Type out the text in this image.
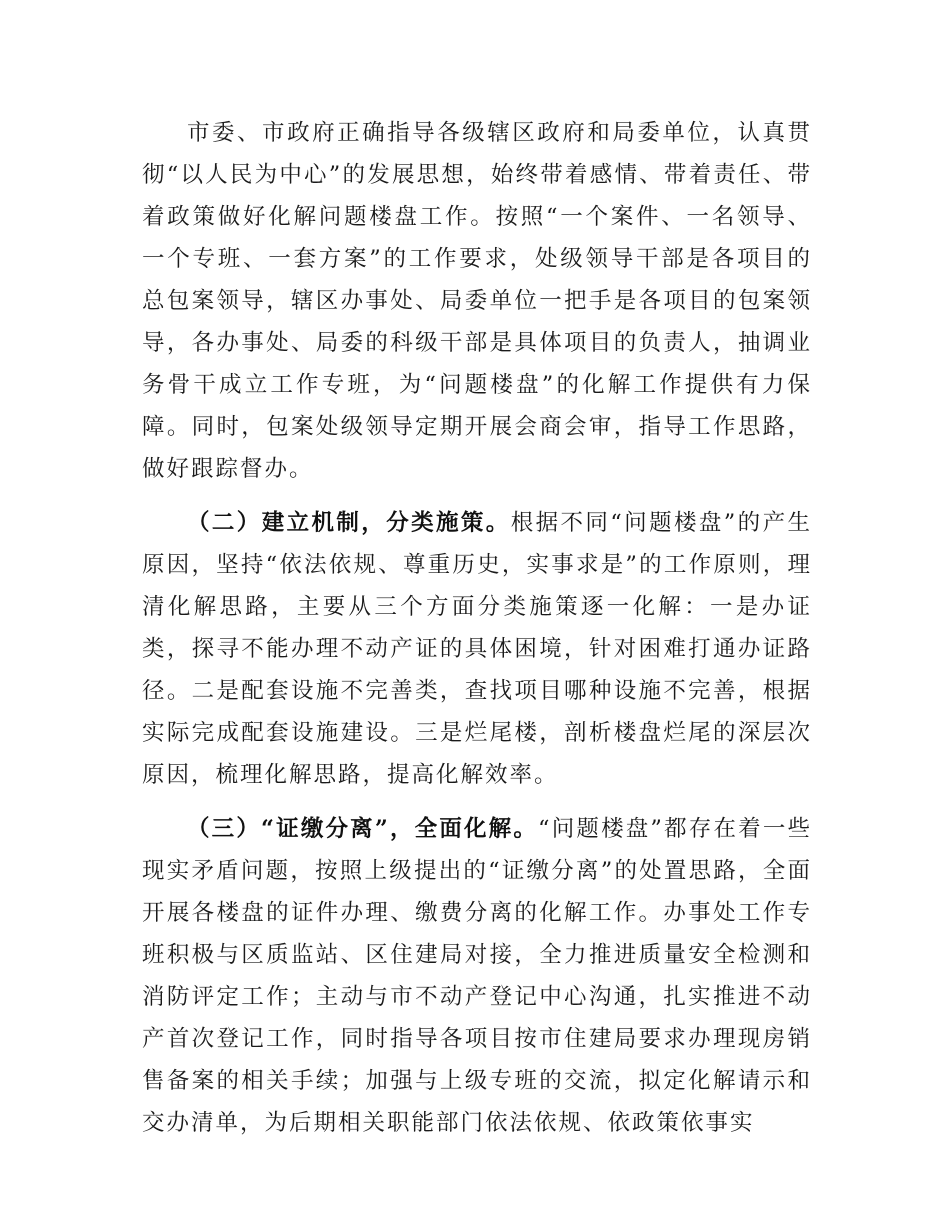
市委、市政府正确指导各级辖区政府和局委单位，认真贯彻“以人民为中心”的发展思想，始终带着感情、带着责任、带着政策做好化解问题楼盘工作。按照“一个案件、一名领导、一个专班、一套方案”的工作要求，处级领导干部是各项目的总包案领导，辖区办事处、局委单位一把手是各项目的包案领导，各办事处、局委的科级干部是具体项目的负责人，抽调业务骨干成立工作专班，为“问题楼盘”的化解工作提供有力保障。同时，包案处级领导定期开展会商会审，指导工作思路，做好跟踪督办。

（二）建立机制，分类施策。根据不同“问题楼盘”的产生原因，坚持“依法依规、尊重历史，实事求是”的工作原则，理清化解思路，主要从三个方面分类施策逐一化解：一是办证类，探寻不能办理不动产证的具体困境，针对困难打通办证路径。二是配套设施不完善类，查找项目哪种设施不完善，根据实际完成配套设施建设。三是烂尾楼，剖析楼盘烂尾的深层次原因，梳理化解思路，提高化解效率。

（三）“证缴分离”，全面化解。“问题楼盘”都存在着一些现实矛盾问题，按照上级提出的“证缴分离”的处置思路，全面开展各楼盘的证件办理、缴费分离的化解工作。办事处工作专班积极与区质监站、区住建局对接，全力推进质量安全检测和消防评定工作；主动与市不动产登记中心沟通，扎实推进不动产首次登记工作，同时指导各项目按市住建局要求办理现房销售备案的相关手续；加强与上级专班的交流，拟定化解请示和交办清单，为后期相关职能部门依法依规、依政策依事实
